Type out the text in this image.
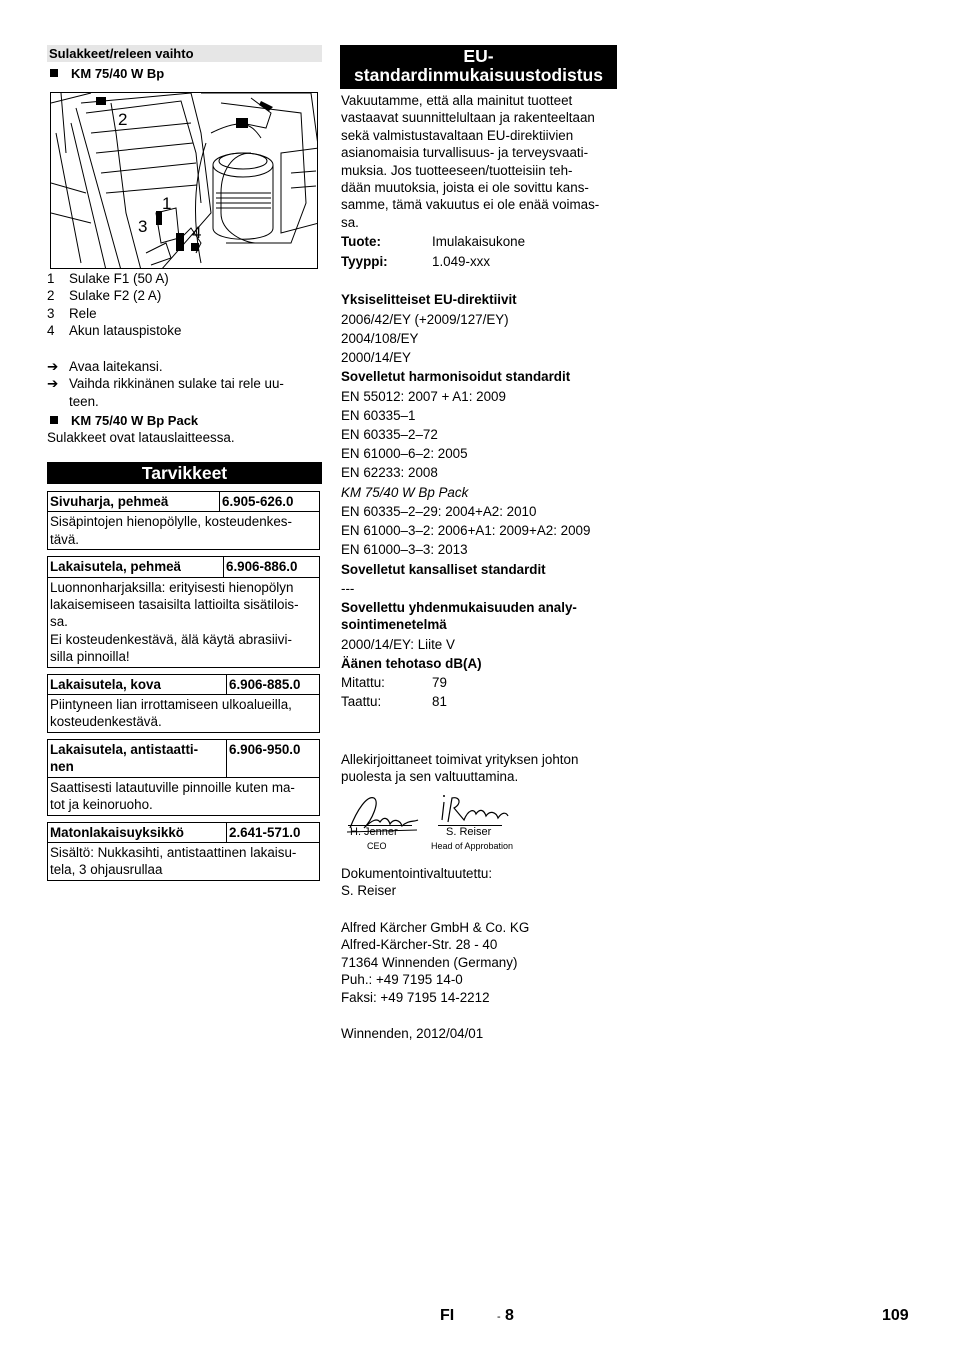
Sulakkeet/releen vaihto
KM 75/40 W Bp
2
1
3	4
1	Sulake F1 (50 A)
2	Sulake F2 (2 A)
3	Rele
4	Akun latauspistoke
➔ Avaa laitekansi.
➔ Vaihda rikkinänen sulake tai rele uu-
teen.
KM 75/40 W Bp Pack
Sulakkeet ovat latauslaitteessa.
Tarvikkeet
Sivuharja, pehmeä	6.905-626.0

Sisäpintojen hienopölylle, kosteudenkes-
tävä.
Lakaisutela, pehmeä	6.906-886.0

Luonnonharjaksilla: erityisesti hienopölyn
lakaisemiseen tasaisilta lattioilta sisätilois-
sa.
Ei kosteudenkestävä, älä käytä abrasiivi-
silla pinnoilla!
Lakaisutela, kova	6.906-885.0

Piintyneen lian irrottamiseen ulkoalueilla,
kosteudenkestävä.
Lakaisutela, antistaatti-
nen	6.906-950.0

Saattisesti latautuville pinnoille kuten ma-
tot ja keinoruoho.
Matonlakaisuyksikkö	2.641-571.0

Sisältö: Nukkasihti, antistaattinen lakaisu-
tela, 3 ohjausrullaa
EU-
standardinmukaisuustodistus
Vakuutamme, että alla mainitut tuotteet
vastaavat suunnittelultaan ja rakenteeltaan
sekä valmistustavaltaan EU-direktiivien
asianomaisia turvallisuus- ja terveysvaati-
muksia. Jos tuotteeseen/tuotteisiin teh-
dään muutoksia, joista ei ole sovittu kans-
samme, tämä vakuutus ei ole enää voimas-
sa.
Tuote:	Imulakaisukone
Tyyppi:	1.049-xxx
Yksiselitteiset EU-direktiivit
2006/42/EY (+2009/127/EY)
2004/108/EY
2000/14/EY
Sovelletut harmonisoidut standardit
EN 55012: 2007 + A1: 2009
EN 60335–1
EN 60335–2–72
EN 61000–6–2: 2005
EN 62233: 2008
KM 75/40 W Bp Pack
EN 60335–2–29: 2004+A2: 2010
EN 61000–3–2: 2006+A1: 2009+A2: 2009
EN 61000–3–3: 2013
Sovelletut kansalliset standardit
---
Sovellettu yhdenmukaisuuden analy-
sointimenetelmä
2000/14/EY: Liite V
Äänen tehotaso dB(A)
Mitattu:	79
Taattu:	81
Allekirjoittaneet toimivat yrityksen johton
puolesta ja sen valtuuttamina.
H. Jenner
CEO
S. Reiser
Head of Approbation
Dokumentointivaltuutettu:
S. Reiser
Alfred Kärcher GmbH & Co. KG
Alfred-Kärcher-Str. 28 - 40
71364 Winnenden (Germany)
Puh.: +49 7195 14-0
Faksi: +49 7195 14-2212
Winnenden, 2012/04/01
FI	- 8	109
